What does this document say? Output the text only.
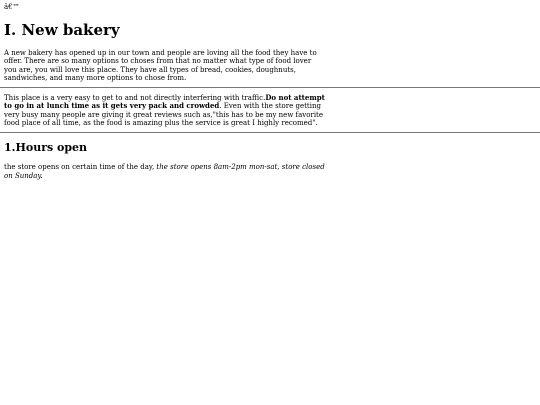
â€™

I. New bakery

A new bakery has opened up in our town and people are loving all the food they have to offer. There are so many options to choses from that no matter what type of food lover you are, you will love this place. They have all types of bread, cookies, doughnuts, sandwiches, and many more options to chose from.

This place is a very easy to get to and not directly interfering with traffic.Do not attempt to go in at lunch time as it gets very pack and crowded. Even with the store getting very busy many people are giving it great reviews such as,"this has to be my new favorite food place of all time, as the food is amazing plus the service is great I highly recomed".

1.Hours open

the store opens on certain time of the day, the store opens 8am-2pm mon-sat, store closed on Sunday.
